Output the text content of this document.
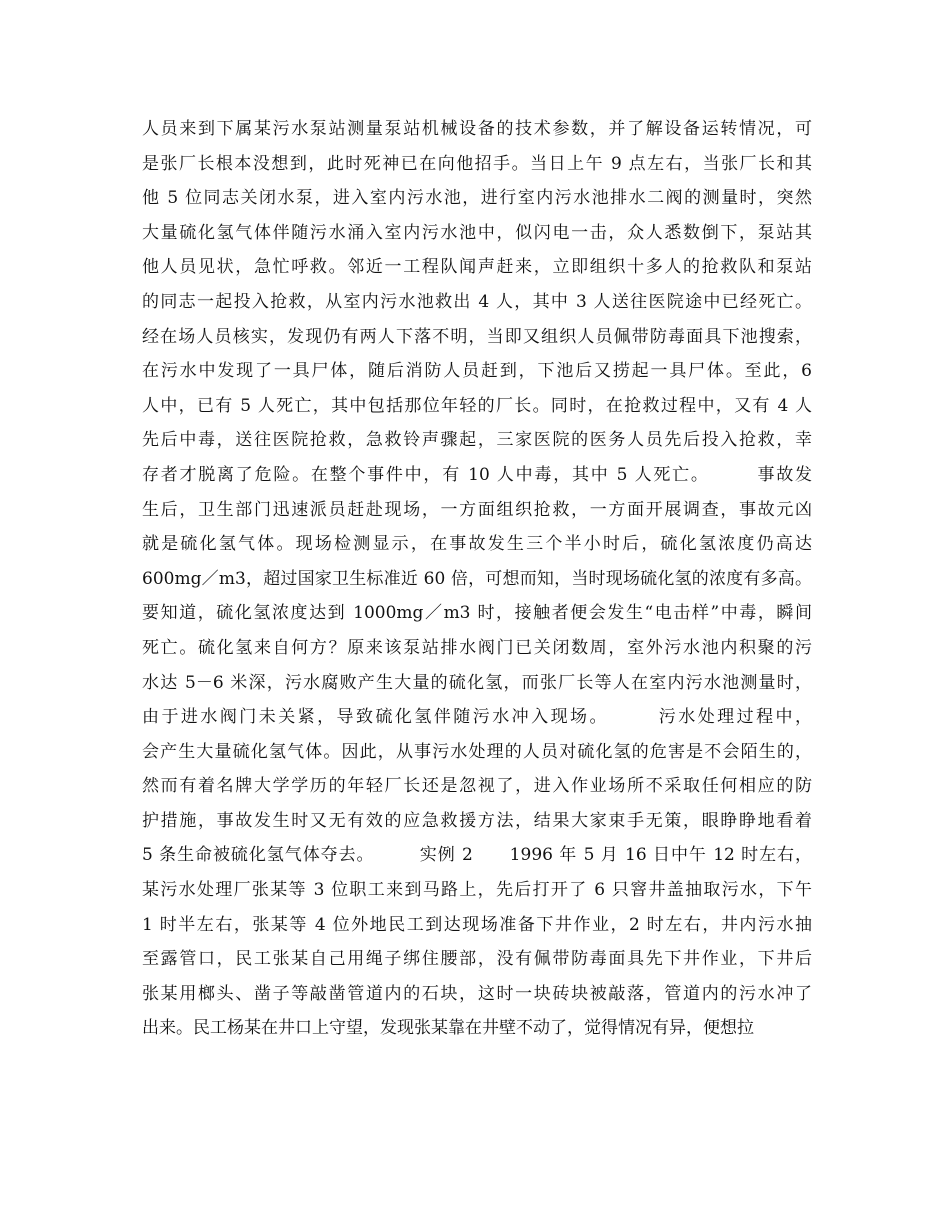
人员来到下属某污水泵站测量泵站机械设备的技术参数，并了解设备运转情况，可
是张厂长根本没想到，此时死神已在向他招手。当日上午 9 点左右，当张厂长和其
他 5 位同志关闭水泵，进入室内污水池，进行室内污水池排水二阀的测量时，突然
大量硫化氢气体伴随污水涌入室内污水池中，似闪电一击，众人悉数倒下，泵站其
他人员见状，急忙呼救。邻近一工程队闻声赶来，立即组织十多人的抢救队和泵站
的同志一起投入抢救，从室内污水池救出 4 人，其中 3 人送往医院途中已经死亡。
经在场人员核实，发现仍有两人下落不明，当即又组织人员佩带防毒面具下池搜索，
在污水中发现了一具尸体，随后消防人员赶到，下池后又捞起一具尸体。至此，6
人中，已有 5 人死亡，其中包括那位年轻的厂长。同时，在抢救过程中，又有 4 人
先后中毒，送往医院抢救，急救铃声骤起，三家医院的医务人员先后投入抢救，幸
存者才脱离了危险。在整个事件中，有 10 人中毒，其中 5 人死亡。　　　事故发
生后，卫生部门迅速派员赶赴现场，一方面组织抢救，一方面开展调查，事故元凶
就是硫化氢气体。现场检测显示，在事故发生三个半小时后，硫化氢浓度仍高达
600mg／m3，超过国家卫生标准近 60 倍，可想而知，当时现场硫化氢的浓度有多高。
要知道，硫化氢浓度达到 1000mg／m3 时，接触者便会发生“电击样”中毒，瞬间
死亡。硫化氢来自何方？原来该泵站排水阀门已关闭数周，室外污水池内积聚的污
水达 5－6 米深，污水腐败产生大量的硫化氢，而张厂长等人在室内污水池测量时，
由于进水阀门未关紧，导致硫化氢伴随污水冲入现场。　　　污水处理过程中，
会产生大量硫化氢气体。因此，从事污水处理的人员对硫化氢的危害是不会陌生的，
然而有着名牌大学学历的年轻厂长还是忽视了，进入作业场所不采取任何相应的防
护措施，事故发生时又无有效的应急救援方法，结果大家束手无策，眼睁睁地看着
5 条生命被硫化氢气体夺去。　　　实例 2　　1996 年 5 月 16 日中午 12 时左右，
某污水处理厂张某等 3 位职工来到马路上，先后打开了 6 只窨井盖抽取污水，下午
1 时半左右，张某等 4 位外地民工到达现场准备下井作业，2 时左右，井内污水抽
至露管口，民工张某自己用绳子绑住腰部，没有佩带防毒面具先下井作业，下井后
张某用榔头、凿子等敲凿管道内的石块，这时一块砖块被敲落，管道内的污水冲了
出来。民工杨某在井口上守望，发现张某靠在井壁不动了，觉得情况有异，便想拉
